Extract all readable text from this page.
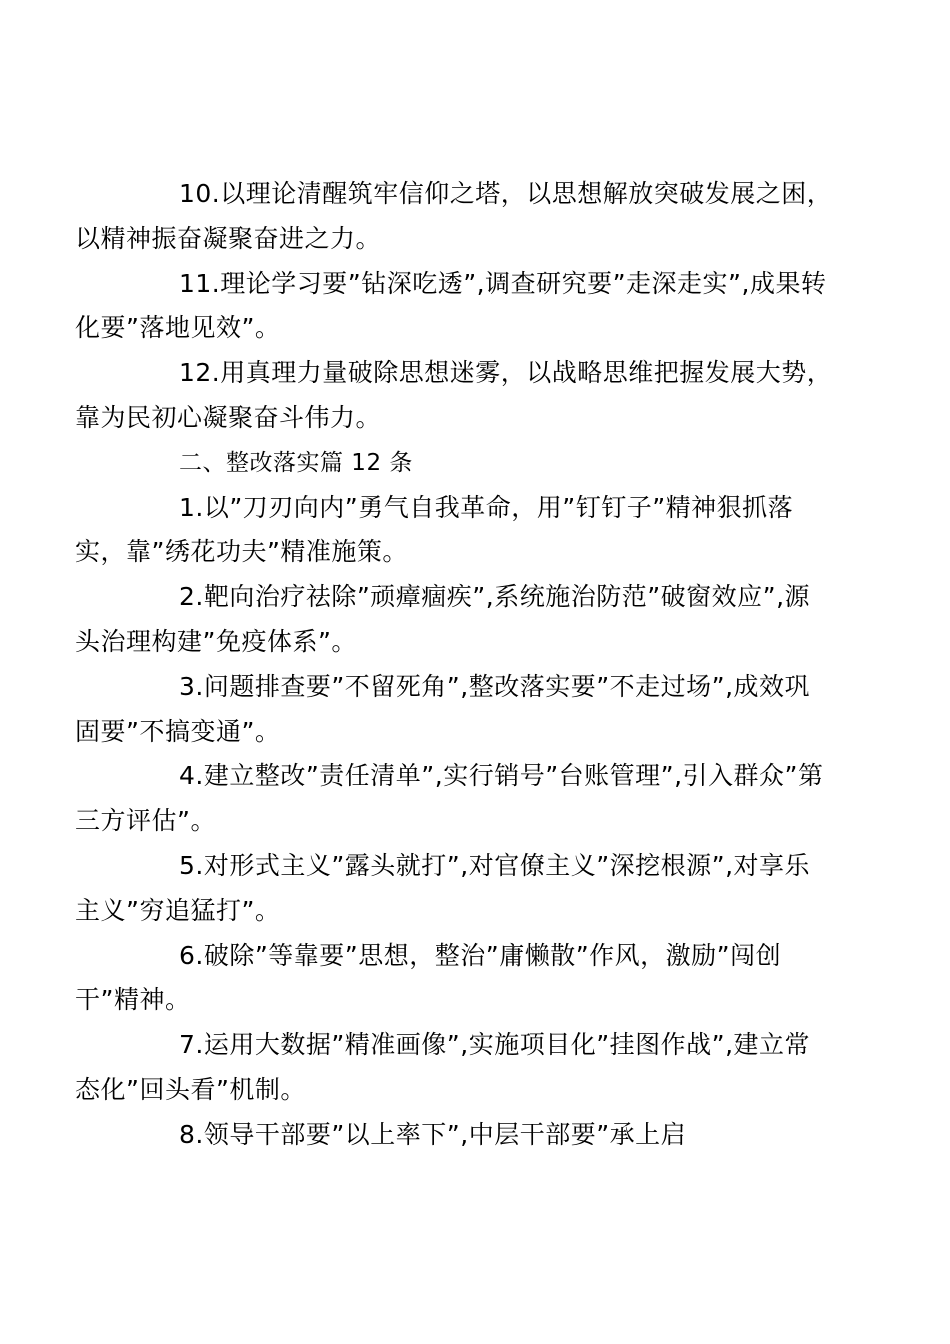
10.以理论清醒筑牢信仰之塔，以思想解放突破发展之困，
以精神振奋凝聚奋进之力。

11.理论学习要”钻深吃透”,调查研究要”走深走实”,成果转
化要”落地见效”。

12.用真理力量破除思想迷雾，以战略思维把握发展大势，
靠为民初心凝聚奋斗伟力。

二、整改落实篇 12 条

1.以”刀刃向内”勇气自我革命，用”钉钉子”精神狠抓落
实，靠”绣花功夫”精准施策。

2.靶向治疗祛除”顽瘴痼疾”,系统施治防范”破窗效应”,源
头治理构建”免疫体系”。

3.问题排查要”不留死角”,整改落实要”不走过场”,成效巩
固要”不搞变通”。

4.建立整改”责任清单”,实行销号”台账管理”,引入群众”第
三方评估”。

5.对形式主义”露头就打”,对官僚主义”深挖根源”,对享乐
主义”穷追猛打”。

6.破除”等靠要”思想，整治”庸懒散”作风，激励”闯创
干”精神。

7.运用大数据”精准画像”,实施项目化”挂图作战”,建立常
态化”回头看”机制。

8.领导干部要”以上率下”,中层干部要”承上启
